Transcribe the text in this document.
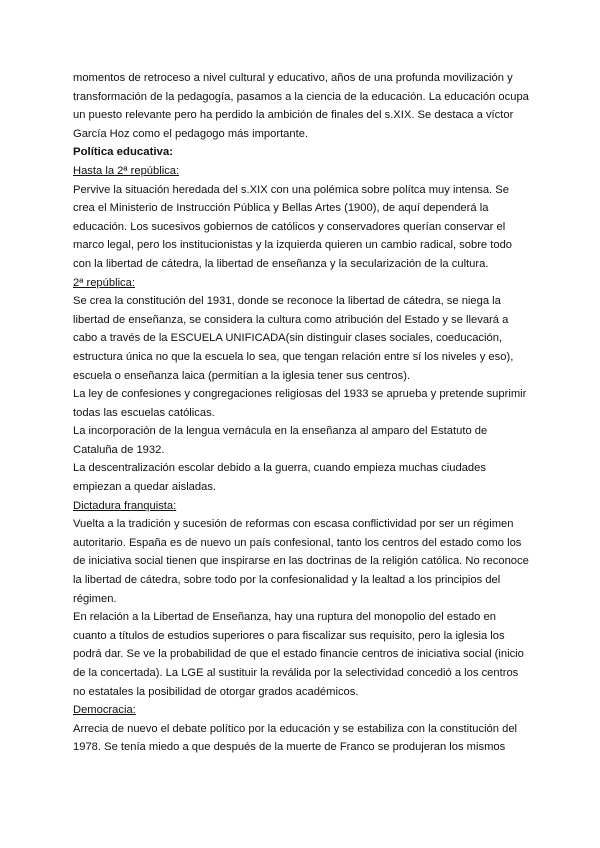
momentos de retroceso a nivel cultural y educativo, años de una profunda movilización y transformación de la pedagogía, pasamos a la ciencia de la educación. La educación ocupa un puesto relevante pero ha perdido la ambición de finales del s.XIX. Se destaca a víctor García Hoz como el pedagogo más importante.

Política educativa:

Hasta la 2ª república:

Pervive la situación heredada del s.XIX con una polémica sobre polítca muy intensa. Se crea el Ministerio de Instrucción Pública y Bellas Artes (1900), de aquí dependerá la educación. Los sucesivos gobiernos de católicos y conservadores querían conservar el marco legal, pero los institucionistas y la izquierda quieren un cambio radical, sobre todo con la libertad de cátedra, la libertad de enseñanza y la secularización de la cultura.

2ª república:

Se crea la constitución del 1931, donde se reconoce la libertad de cátedra, se niega la libertad de enseñanza, se considera la cultura como atribución del Estado y se llevará a cabo a través de la ESCUELA UNIFICADA(sin distinguir clases sociales, coeducación, estructura única no que la escuela lo sea, que tengan relación entre sí los niveles y eso), escuela o enseñanza laica (permitían a la iglesia tener sus centros).

La ley de confesiones y congregaciones religiosas del 1933 se aprueba y pretende suprimir todas las escuelas católicas.

La incorporación de la lengua vernácula en la enseñanza al amparo del Estatuto de Cataluña de 1932.

La descentralización escolar debido a la guerra, cuando empieza muchas ciudades empiezan a quedar aisladas.

Dictadura franquista:

Vuelta a la tradición y sucesión de reformas con escasa conflictividad por ser un régimen autoritario. España es de nuevo un país confesional, tanto los centros del estado como los de iniciativa social tienen que inspirarse en las doctrinas de la religión católica. No reconoce la libertad de cátedra, sobre todo por la confesionalidad y la lealtad a los principios del régimen.

En relación a la Libertad de Enseñanza, hay una ruptura del monopolio del estado en cuanto a títulos de estudios superiores o para fiscalizar sus requisito, pero la iglesia los podrá dar. Se ve la probabilidad de que el estado financie centros de iniciativa social (inicio de la concertada). La LGE al sustituir la reválida por la selectividad concedió a los centros no estatales la posibilidad de otorgar grados académicos.

Democracia:

Arrecia de nuevo el debate político por la educación y se estabiliza con la constitución del 1978. Se tenía miedo a que después de la muerte de Franco se produjeran los mismos
